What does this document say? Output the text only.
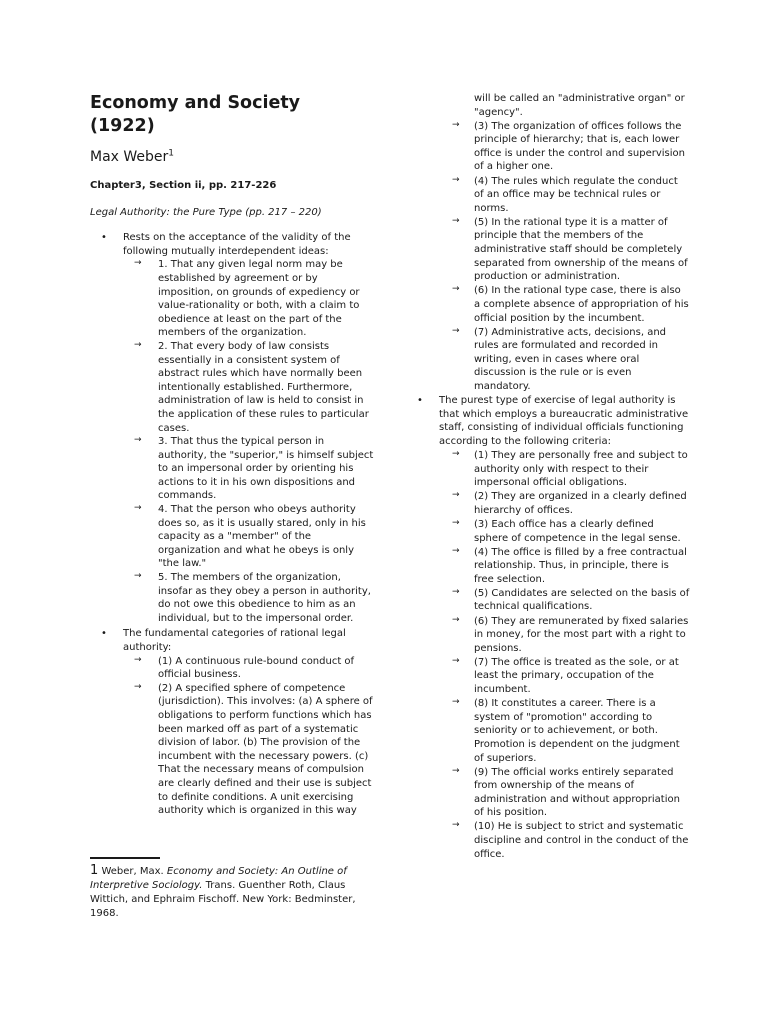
Economy and Society
(1922)
Max Weber$^1$
Chapter3, Section ii, pp. 217-226
Legal Authority: the Pure Type (pp. 217 – 220)
• Rests on the acceptance of the validity of the following mutually interdependent ideas:
→ 1. That any given legal norm may be established by agreement or by imposition, on grounds of expediency or value-rationality or both, with a claim to obedience at least on the part of the members of the organization.
→ 2. That every body of law consists essentially in a consistent system of abstract rules which have normally been intentionally established. Furthermore, administration of law is held to consist in the application of these rules to particular cases.
→ 3. That thus the typical person in authority, the "superior," is himself subject to an impersonal order by orienting his actions to it in his own dispositions and commands.
→ 4. That the person who obeys authority does so, as it is usually stared, only in his capacity as a "member" of the organization and what he obeys is only "the law."
→ 5. The members of the organization, insofar as they obey a person in authority, do not owe this obedience to him as an individual, but to the impersonal order.
• The fundamental categories of rational legal authority:
→ (1) A continuous rule-bound conduct of official business.
→ (2) A specified sphere of competence (jurisdiction). This involves: (a) A sphere of obligations to perform functions which has been marked off as part of a systematic division of labor. (b) The provision of the incumbent with the necessary powers. (c) That the necessary means of compulsion are clearly defined and their use is subject to definite conditions. A unit exercising authority which is organized in this way
will be called an "administrative organ" or "agency".
→ (3) The organization of offices follows the principle of hierarchy; that is, each lower office is under the control and supervision of a higher one.
→ (4) The rules which regulate the conduct of an office may be technical rules or norms.
→ (5) In the rational type it is a matter of principle that the members of the administrative staff should be completely separated from ownership of the means of production or administration.
→ (6) In the rational type case, there is also a complete absence of appropriation of his official position by the incumbent.
→ (7) Administrative acts, decisions, and rules are formulated and recorded in writing, even in cases where oral discussion is the rule or is even mandatory.
• The purest type of exercise of legal authority is that which employs a bureaucratic administrative staff, consisting of individual officials functioning according to the following criteria:
→ (1) They are personally free and subject to authority only with respect to their impersonal official obligations.
→ (2) They are organized in a clearly defined hierarchy of offices.
→ (3) Each office has a clearly defined sphere of competence in the legal sense.
→ (4) The office is filled by a free contractual relationship. Thus, in principle, there is free selection.
→ (5) Candidates are selected on the basis of technical qualifications.
→ (6) They are remunerated by fixed salaries in money, for the most part with a right to pensions.
→ (7) The office is treated as the sole, or at least the primary, occupation of the incumbent.
→ (8) It constitutes a career. There is a system of "promotion" according to seniority or to achievement, or both. Promotion is dependent on the judgment of superiors.
→ (9) The official works entirely separated from ownership of the means of administration and without appropriation of his position.
→ (10) He is subject to strict and systematic discipline and control in the conduct of the office.
1 Weber, Max. Economy and Society: An Outline of Interpretive Sociology. Trans. Guenther Roth, Claus Wittich, and Ephraim Fischoff. New York: Bedminster, 1968.
